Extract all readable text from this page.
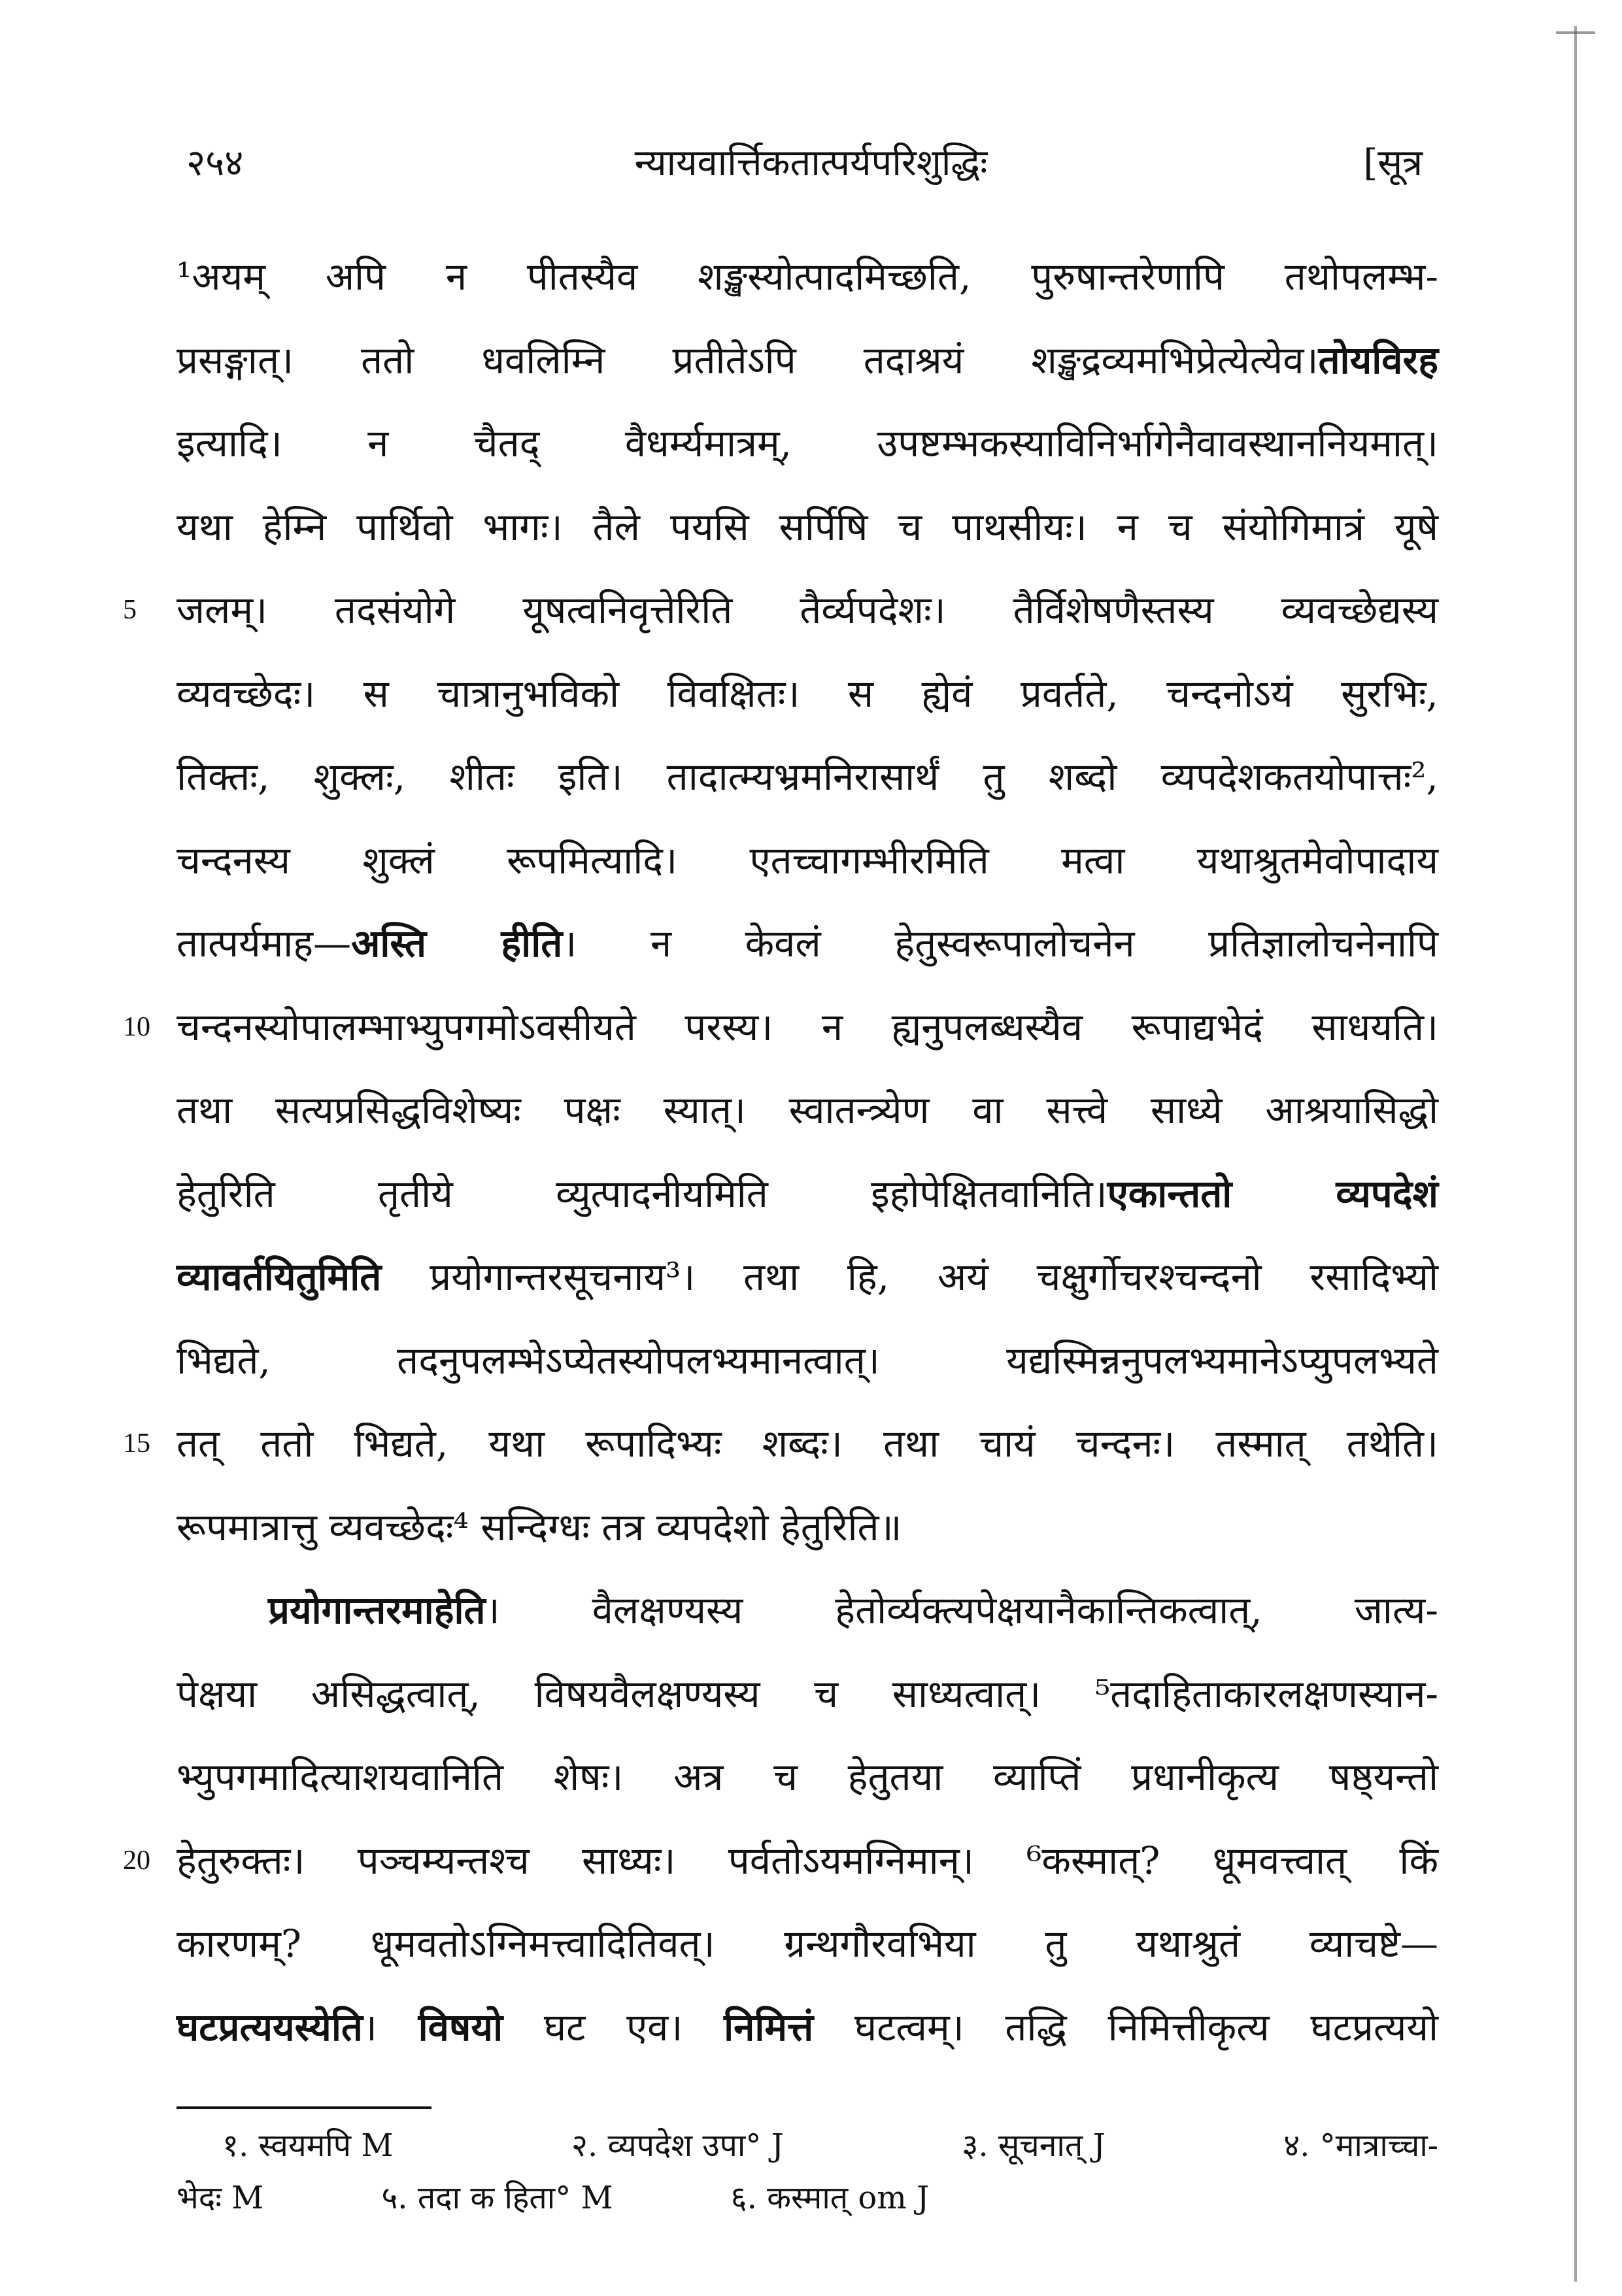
२५४	न्यायवार्त्तिकतात्पर्यपरिशुद्धिः	[सूत्र
¹अयम् अपि न पीतस्यैव शङ्खस्योत्पादमिच्छति, पुरुषान्तरेणापि तथोपलम्भ-
प्रसङ्गात्। ततो धवलिम्नि प्रतीतेऽपि तदाश्रयं शङ्खद्रव्यमभिप्रेत्येत्येव।तोयविरह
इत्यादि। न चैतद् वैधर्म्यमात्रम्, उपष्टम्भकस्याविनिर्भागेनैवावस्थाननियमात्।
यथा हेम्नि पार्थिवो भागः। तैले पयसि सर्पिषि च पाथसीयः। न च संयोगिमात्रं यूषे
5 जलम्। तदसंयोगे यूषत्वनिवृत्तेरिति तैर्व्यपदेशः। तैर्विशेषणैस्तस्य व्यवच्छेद्यस्य
व्यवच्छेदः। स चात्रानुभविको विवक्षितः। स ह्येवं प्रवर्तते, चन्दनोऽयं सुरभिः,
तिक्तः, शुक्लः, शीतः इति। तादात्म्यभ्रमनिरासार्थं तु शब्दो व्यपदेशकतयोपात्तः²,
चन्दनस्य शुक्लं रूपमित्यादि। एतच्चागम्भीरमिति मत्वा यथाश्रुतमेवोपादाय
तात्पर्यमाह—अस्ति हीति। न केवलं हेतुस्वरूपालोचनेन प्रतिज्ञालोचनेनापि
10 चन्दनस्योपालम्भाभ्युपगमोऽवसीयते परस्य। न ह्यनुपलब्धस्यैव रूपाद्यभेदं साधयति।
तथा सत्यप्रसिद्धविशेष्यः पक्षः स्यात्। स्वातन्त्र्येण वा सत्त्वे साध्ये आश्रयासिद्धो
हेतुरिति तृतीये व्युत्पादनीयमिति इहोपेक्षितवानिति।एकान्ततो व्यपदेशं
व्यावर्तयितुमिति प्रयोगान्तरसूचनाय³। तथा हि, अयं चक्षुर्गोचरश्चन्दनो रसादिभ्यो
भिद्यते, तदनुपलम्भेऽप्येतस्योपलभ्यमानत्वात्। यद्यस्मिन्ननुपलभ्यमानेऽप्युपलभ्यते
15 तत् ततो भिद्यते, यथा रूपादिभ्यः शब्दः। तथा चायं चन्दनः। तस्मात् तथेति।
रूपमात्रात्तु व्यवच्छेदः⁴ सन्दिग्धः तत्र व्यपदेशो हेतुरिति॥
प्रयोगान्तरमाहेति। वैलक्षण्यस्य हेतोर्व्यक्त्यपेक्षयानैकान्तिकत्वात्, जात्य-
पेक्षया असिद्धत्वात्, विषयवैलक्षण्यस्य च साध्यत्वात्। ⁵तदाहिताकारलक्षणस्यान-
भ्युपगमादित्याशयवानिति शेषः। अत्र च हेतुतया व्याप्तिं प्रधानीकृत्य षष्ठ्यन्तो
20 हेतुरुक्तः। पञ्चम्यन्तश्च साध्यः। पर्वतोऽयमग्निमान्। ⁶कस्मात्? धूमवत्त्वात् किं
कारणम्? धूमवतोऽग्निमत्त्वादितिवत्। ग्रन्थगौरवभिया तु यथाश्रुतं व्याचष्टे—
घटप्रत्ययस्येति। विषयो घट एव। निमित्तं घटत्वम्। तद्धि निमित्तीकृत्य घटप्रत्ययो
१. स्वयमपि M	२. व्यपदेश उपा° J	३. सूचनात् J	४. °मात्राच्चा-
भेदः M	५. तदा क हिता° M	६. कस्मात् om J
